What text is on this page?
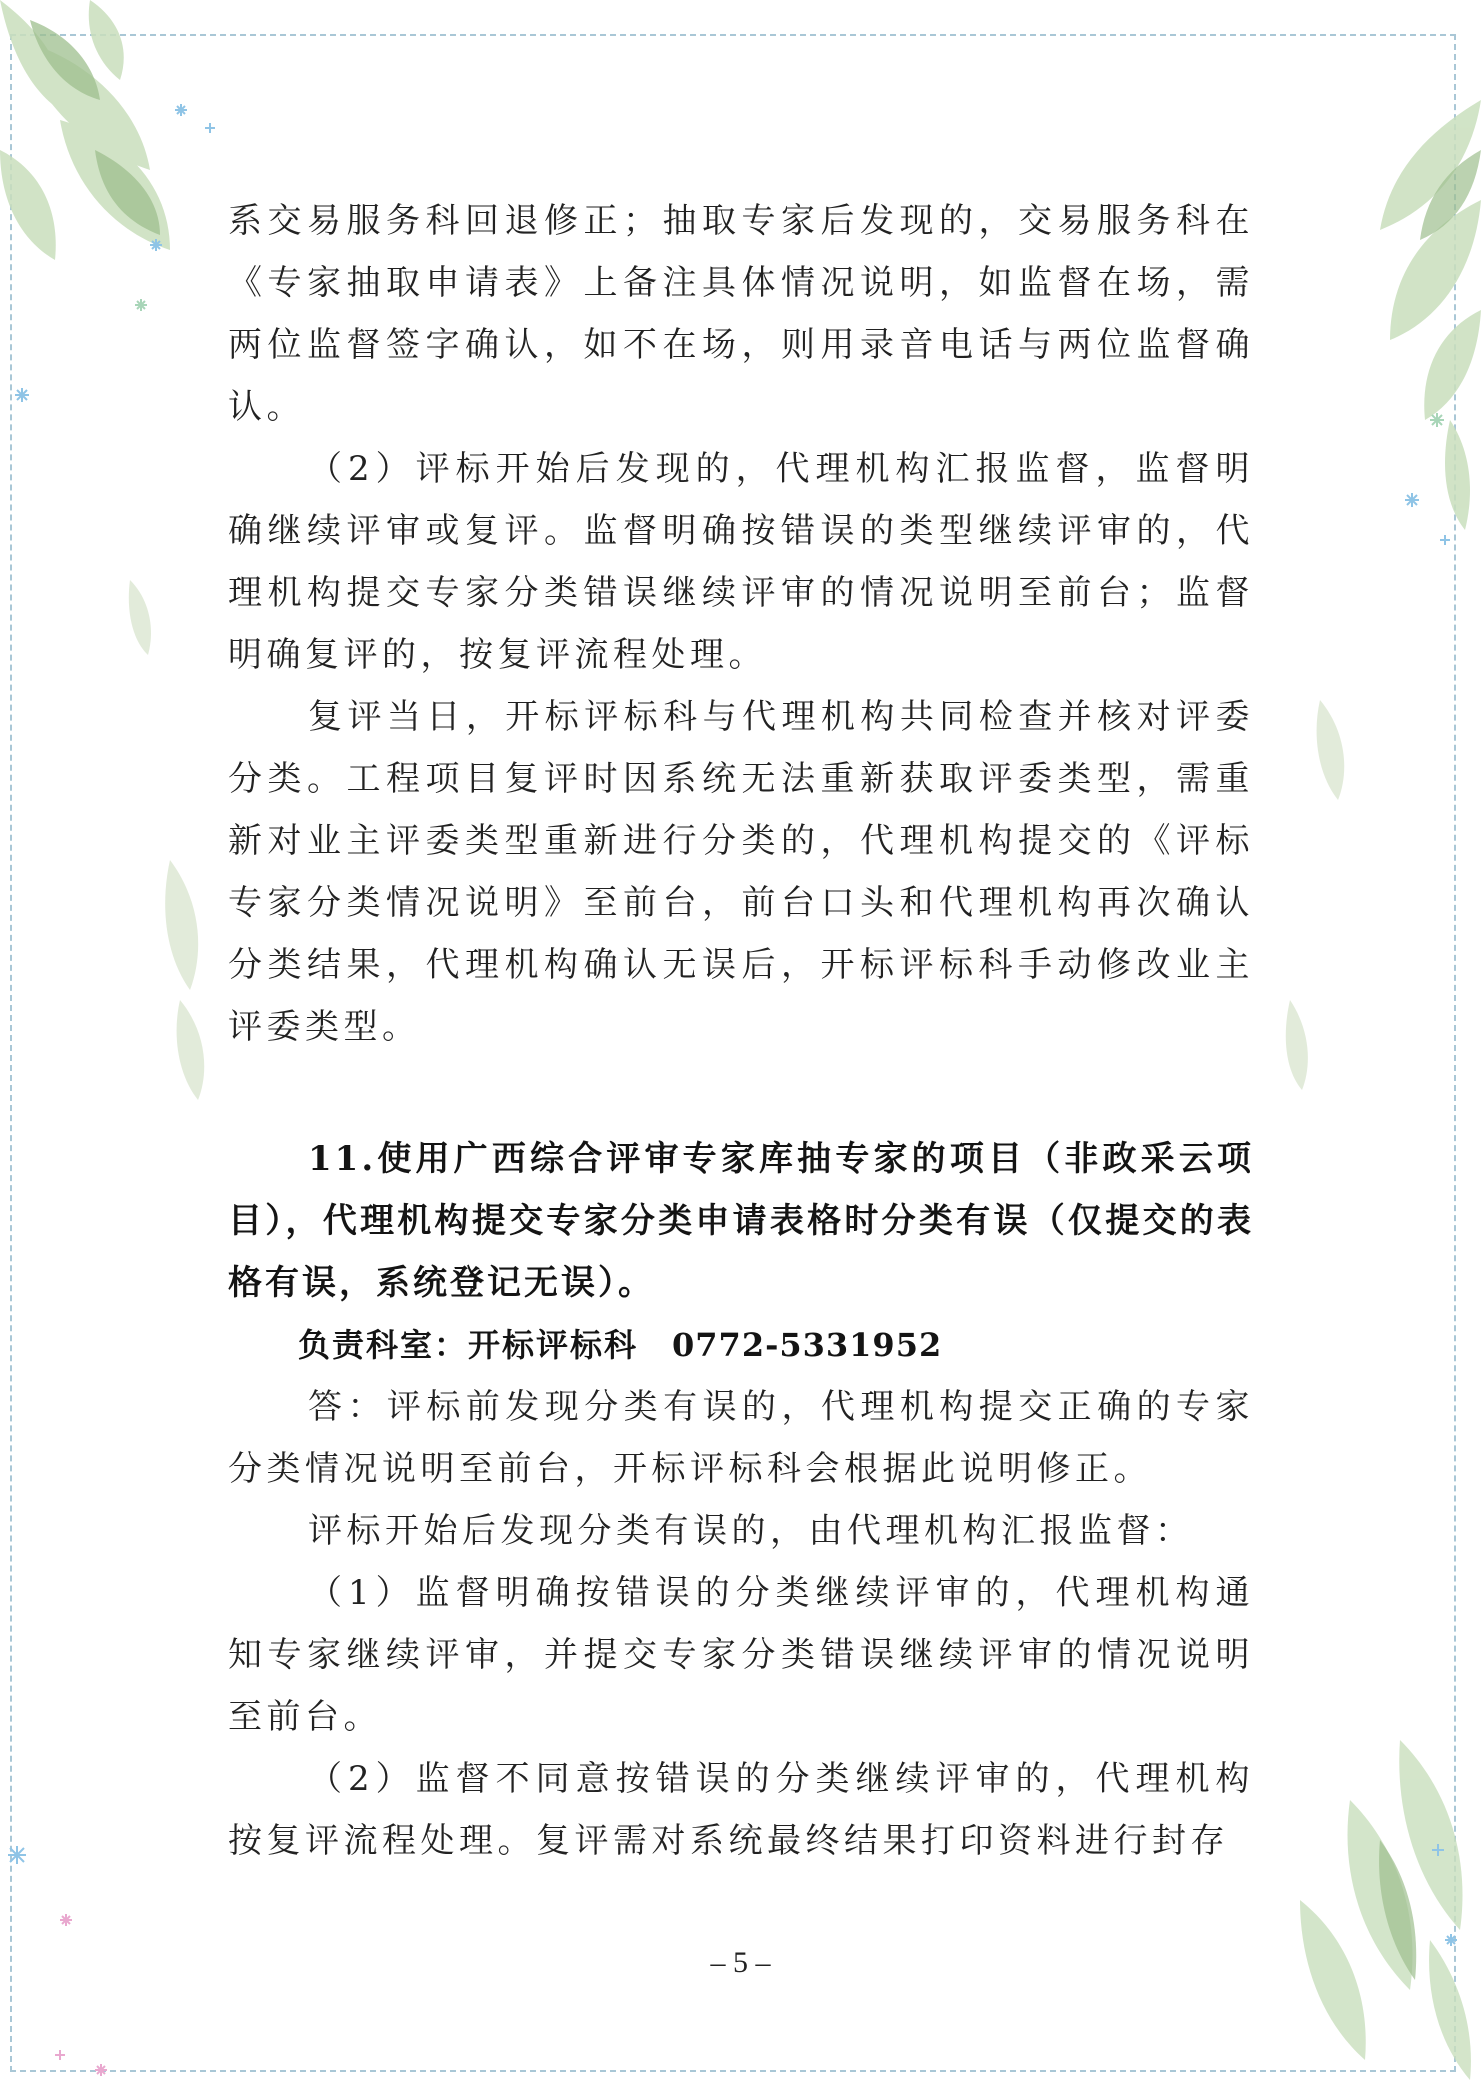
系交易服务科回退修正；抽取专家后发现的，交易服务科在《专家抽取申请表》上备注具体情况说明，如监督在场，需两位监督签字确认，如不在场，则用录音电话与两位监督确认。

（2）评标开始后发现的，代理机构汇报监督，监督明确继续评审或复评。监督明确按错误的类型继续评审的，代理机构提交专家分类错误继续评审的情况说明至前台；监督明确复评的，按复评流程处理。

复评当日，开标评标科与代理机构共同检查并核对评委分类。工程项目复评时因系统无法重新获取评委类型，需重新对业主评委类型重新进行分类的，代理机构提交的《评标专家分类情况说明》至前台，前台口头和代理机构再次确认分类结果，代理机构确认无误后，开标评标科手动修改业主评委类型。

11.使用广西综合评审专家库抽专家的项目（非政采云项目），代理机构提交专家分类申请表格时分类有误（仅提交的表格有误，系统登记无误）。

负责科室：开标评标科 0772-5331952

答：评标前发现分类有误的，代理机构提交正确的专家分类情况说明至前台，开标评标科会根据此说明修正。

评标开始后发现分类有误的，由代理机构汇报监督：

（1）监督明确按错误的分类继续评审的，代理机构通知专家继续评审，并提交专家分类错误继续评审的情况说明至前台。

（2）监督不同意按错误的分类继续评审的，代理机构按复评流程处理。复评需对系统最终结果打印资料进行封存

– 5 –
